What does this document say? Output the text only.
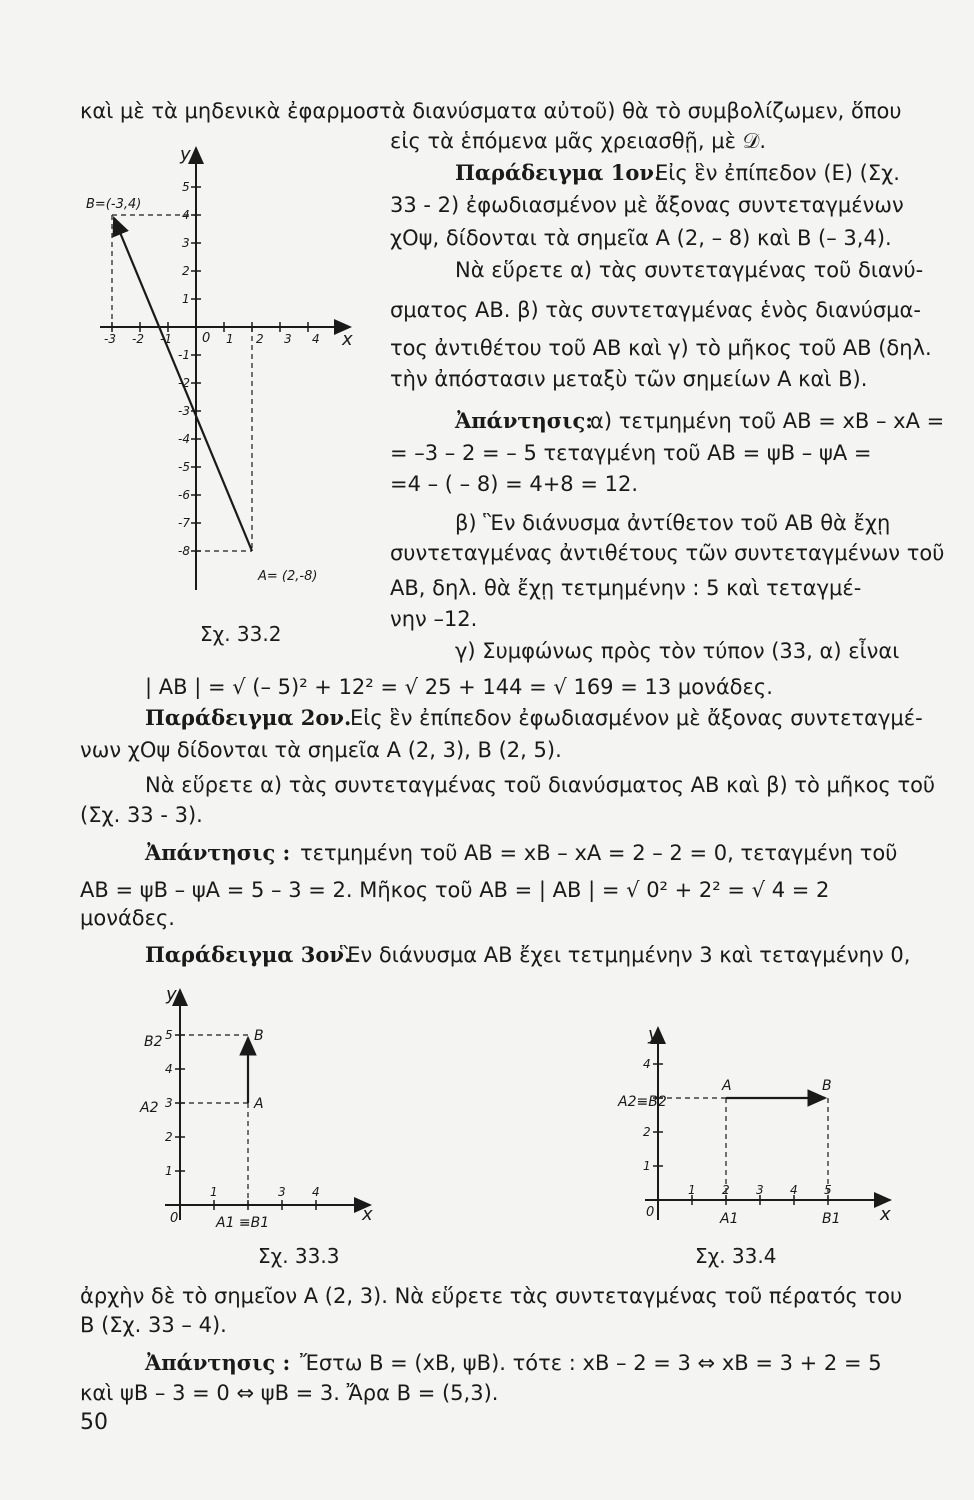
καὶ μὲ τὰ μηδενικὰ ἐφαρμοστὰ διανύσματα αὐτοῦ) θὰ τὸ συμβολίζωμεν, ὅπου
εἰς τὰ ἑπόμενα μᾶς χρειασθῇ, μὲ 𝒟.
Παράδειγμα 1ον.
Εἰς ἓν ἐπίπεδον (Ε) (Σχ.
33 - 2) ἐφωδιασμένον μὲ ἄξονας συντεταγμένων
χΟψ, δίδονται τὰ σημεῖα Α (2, – 8) καὶ Β (– 3,4).
Νὰ εὕρετε α) τὰς συντεταγμένας τοῦ διανύ-
σματος AB. β) τὰς συντεταγμένας ἑνὸς διανύσμα-
τος ἀντιθέτου τοῦ AB καὶ γ) τὸ μῆκος τοῦ AB (δηλ.
τὴν ἀπόστασιν μεταξὺ τῶν σημείων Α καὶ Β).
Ἀπάντησις:
α) τετμημένη τοῦ AB = xB – xA =
= –3 – 2 = – 5 τεταγμένη τοῦ AB = ψB – ψA =
=4 – ( – 8) = 4+8 = 12.
β) Ἓν διάνυσμα ἀντίθετον τοῦ AB θὰ ἔχῃ
συντεταγμένας ἀντιθέτους τῶν συντεταγμένων τοῦ
AB, δηλ. θὰ ἔχῃ τετμημένην : 5 καὶ τεταγμέ-
νην –12.
γ) Συμφώνως πρὸς τὸν τύπον (33, α) εἶναι
| AB | = √ (– 5)² + 12² = √ 25 + 144 = √ 169 = 13 μονάδες.
Παράδειγμα 2ον.
Εἰς ἓν ἐπίπεδον ἐφωδιασμένον μὲ ἄξονας συντεταγμέ-
νων χΟψ δίδονται τὰ σημεῖα Α (2, 3), Β (2, 5).
Νὰ εὕρετε α) τὰς συντεταγμένας τοῦ διανύσματος AB καὶ β) τὸ μῆκος τοῦ
(Σχ. 33 - 3).
Ἀπάντησις : τετμημένη τοῦ AB = xB – xA = 2 – 2 = 0, τεταγμένη τοῦ
AB = ψB – ψA = 5 – 3 = 2. Μῆκος τοῦ AB = | AB | = √ 0² + 2² = √ 4 = 2
μονάδες.
Παράδειγμα 3ον.
Ἓν διάνυσμα AB ἔχει τετμημένην 3 καὶ τεταγμένην 0,
ἀρχὴν δὲ τὸ σημεῖον Α (2, 3). Νὰ εὕρετε τὰς συντεταγμένας τοῦ πέρατός του
Β (Σχ. 33 – 4).
Ἀπάντησις : Ἔστω Β = (xB, ψB). τότε : xB – 2 = 3 ⇔ xB = 3 + 2 = 5
καὶ ψB – 3 = 0 ⇔ ψB = 3. Ἄρα Β = (5,3).
50
y
x
0
B=(-3,4)
A= (2,-8)
-3 -2 -1	1 2 3 4
5
4
3
2
1
-1
-2
-3
-4
-5
-6
-7
-8
Σχ. 33.2
y
x
0
B2
A2
B
A
A1 ≡B1
5
4
3
2
1
1	3 4
Σχ. 33.3
y
x
0
A2≡B2
A	B
A1	B1
4
2
1
1 2 3 4 5
Σχ. 33.4
